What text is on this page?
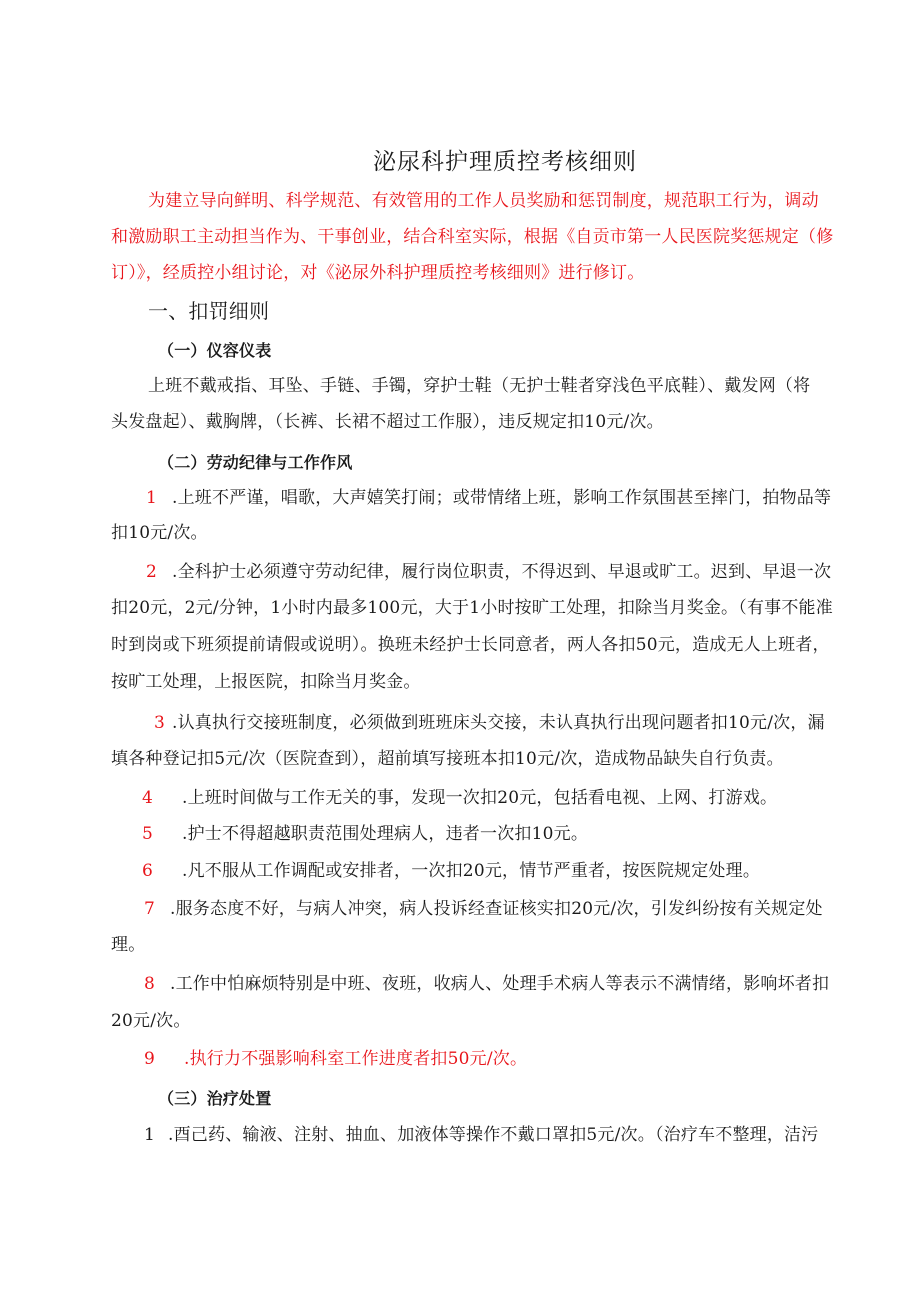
泌尿科护理质控考核细则
为建立导向鲜明、科学规范、有效管用的工作人员奖励和惩罚制度，规范职工行为，调动
和激励职工主动担当作为、干事创业，结合科室实际，根据《自贡市第一人民医院奖惩规定（修
订）》，经质控小组讨论，对《泌尿外科护理质控考核细则》进行修订。
一、扣罚细则
（一）仪容仪表
上班不戴戒指、耳坠、手链、手镯，穿护士鞋（无护士鞋者穿浅色平底鞋）、戴发网（将
头发盘起）、戴胸牌，（长裤、长裙不超过工作服），违反规定扣10元/次。
（二）劳动纪律与工作作风
1 .上班不严谨，唱歌，大声嬉笑打闹；或带情绪上班，影响工作氛围甚至摔门，拍物品等
扣10元/次。
2 .全科护士必须遵守劳动纪律，履行岗位职责，不得迟到、早退或旷工。迟到、早退一次
扣20元，2元/分钟，1小时内最多100元，大于1小时按旷工处理，扣除当月奖金。（有事不能准
时到岗或下班须提前请假或说明）。换班未经护士长同意者，两人各扣50元，造成无人上班者，
按旷工处理，上报医院，扣除当月奖金。
3 .认真执行交接班制度，必须做到班班床头交接，未认真执行出现问题者扣10元/次，漏
填各种登记扣5元/次（医院查到），超前填写接班本扣10元/次，造成物品缺失自行负责。
4 .上班时间做与工作无关的事，发现一次扣20元，包括看电视、上网、打游戏。
5 .护士不得超越职责范围处理病人，违者一次扣10元。
6 .凡不服从工作调配或安排者，一次扣20元，情节严重者，按医院规定处理。
7 .服务态度不好，与病人冲突，病人投诉经查证核实扣20元/次，引发纠纷按有关规定处
理。
8 .工作中怕麻烦特别是中班、夜班，收病人、处理手术病人等表示不满情绪，影响坏者扣
20元/次。
9 .执行力不强影响科室工作进度者扣50元/次。
（三）治疗处置
1 .酉己药、输液、注射、抽血、加液体等操作不戴口罩扣5元/次。（治疗车不整理，洁污
